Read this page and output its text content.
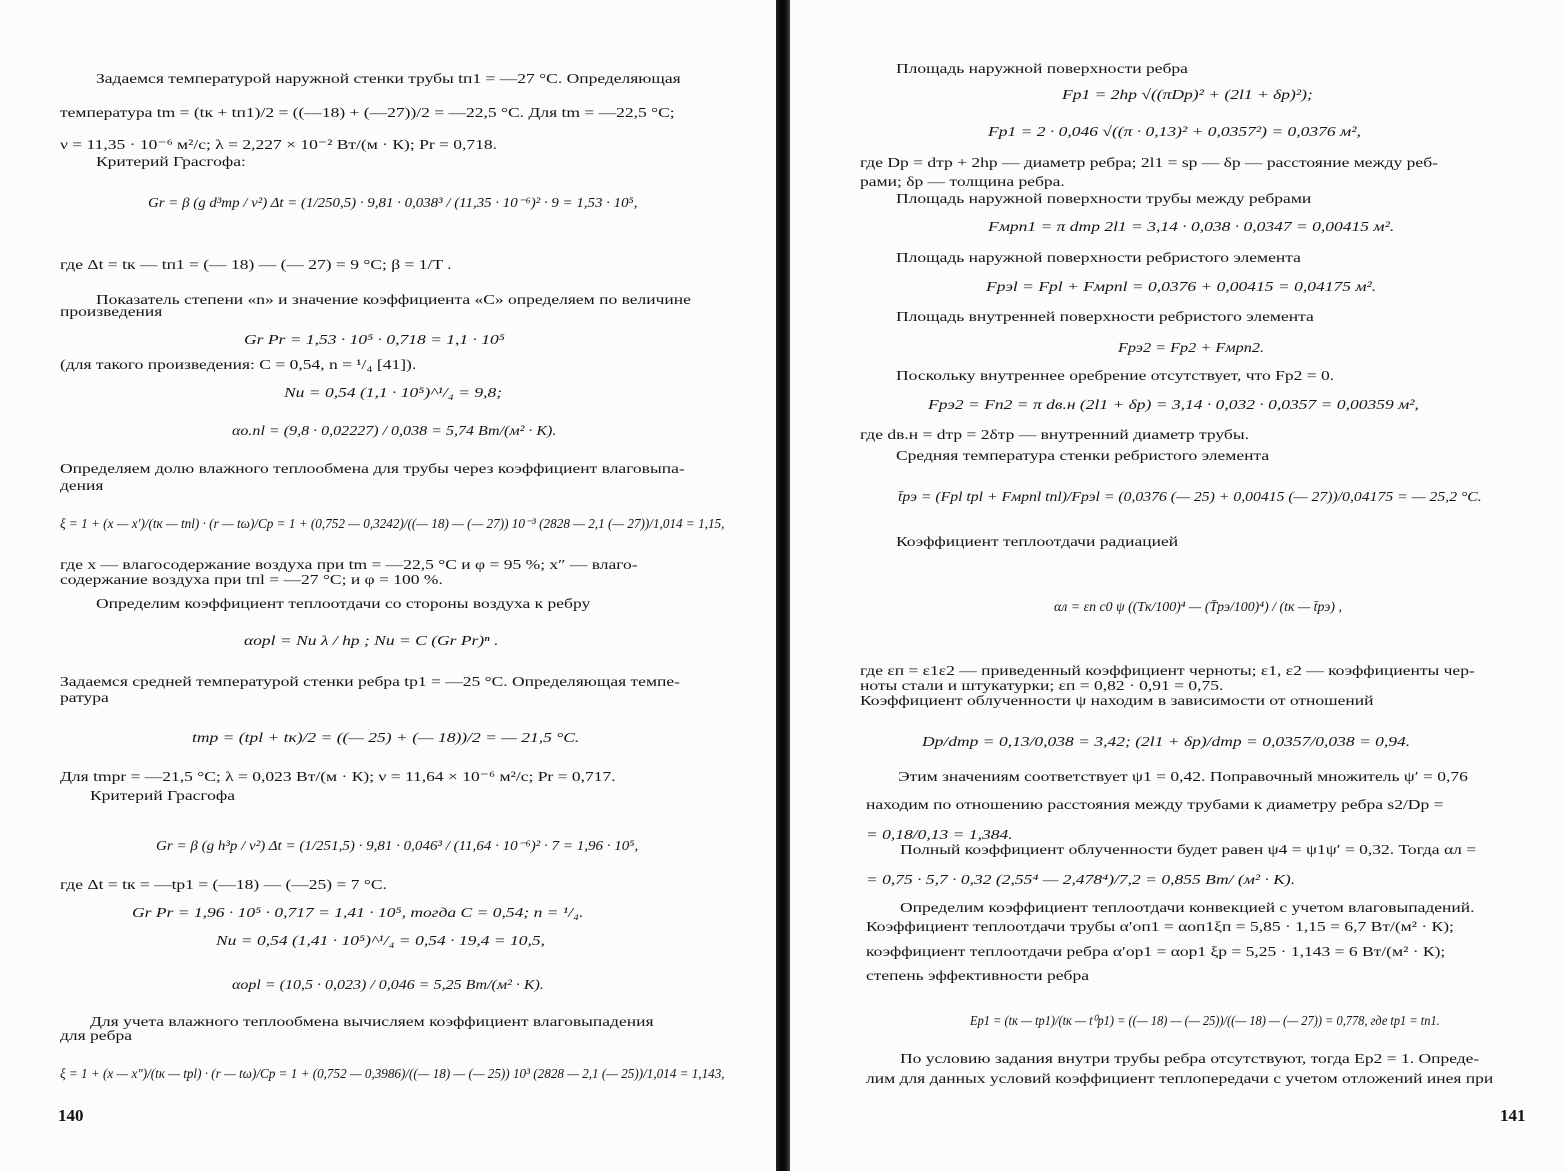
Задаемся температурой наружной стенки трубы tп1 = —27 °С. Определяющая
температура tm = (tк + tп1)/2 = ((—18) + (—27))/2 = —22,5 °С. Для tm = —22,5 °С;
ν = 11,35 · 10⁻⁶ м²/с; λ = 2,227 × 10⁻² Вт/(м · К); Pr = 0,718.
Критерий Грасгофа:
Gr = β (g d³тр / ν²) Δt = (1/250,5) · 9,81 · 0,038³ / (11,35 · 10⁻⁶)² · 9 = 1,53 · 10⁵,
где Δt = tк — tп1 = (— 18) — (— 27) = 9 °С; β = 1/T .
Показатель степени «n» и значение коэффициента «С» определяем по величине
произведения
Gr Pr = 1,53 · 10⁵ · 0,718 = 1,1 · 10⁵
(для такого произведения: C = 0,54, n = ¹/₄ [41]).
Nu = 0,54 (1,1 · 10⁵)^¹/₄ = 9,8;
αo.пl = (9,8 · 0,02227) / 0,038 = 5,74 Вт/(м² · К).
Определяем долю влажного теплообмена для трубы через коэффициент влаговыпа-
дения
ξ = 1 + (x — x′)/(tк — tпl) · (r — tω)/Cp = 1 + (0,752 — 0,3242)/((— 18) — (— 27)) 10⁻³ (2828 — 2,1 (— 27))/1,014 = 1,15,
где x — влагосодержание воздуха при tm = —22,5 °С и φ = 95 %; x″ — влаго-
содержание воздуха при tпl = —27 °С; и φ = 100 %.
Определим коэффициент теплоотдачи со стороны воздуха к ребру
αopl = Nu λ / hp ; Nu = C (Gr Pr)ⁿ .
Задаемся средней температурой стенки ребра tp1 = —25 °С. Определяющая темпе-
ратура
tmp = (tpl + tк)/2 = ((— 25) + (— 18))/2 = — 21,5 °С.
Для tmpr = —21,5 °С; λ = 0,023 Вт/(м · К); ν = 11,64 × 10⁻⁶ м²/с; Pr = 0,717.
Критерий Грасгофа
Gr = β (g h³p / ν²) Δt = (1/251,5) · 9,81 · 0,046³ / (11,64 · 10⁻⁶)² · 7 = 1,96 · 10⁵,
где Δt = tк = —tp1 = (—18) — (—25) = 7 °С.
Gr Pr = 1,96 · 10⁵ · 0,717 = 1,41 · 10⁵, тогда C = 0,54; n = ¹/₄.
Nu = 0,54 (1,41 · 10⁵)^¹/₄ = 0,54 · 19,4 = 10,5,
αopl = (10,5 · 0,023) / 0,046 = 5,25 Вт/(м² · К).
Для учета влажного теплообмена вычисляем коэффициент влаговыпадения
для ребра
ξ = 1 + (x — x″)/(tк — tpl) · (r — tω)/Cp = 1 + (0,752 — 0,3986)/((— 18) — (— 25)) 10³ (2828 — 2,1 (— 25))/1,014 = 1,143,
140
Площадь наружной поверхности ребра
Fp1 = 2hp √((πDp)² + (2l1 + δp)²);
Fp1 = 2 · 0,046 √((π · 0,13)² + 0,0357²) = 0,0376 м²,
где Dp = dтр + 2hp — диаметр ребра; 2l1 = sp — δp — расстояние между реб-
рами; δp — толщина ребра.
Площадь наружной поверхности трубы между ребрами
Fмрп1 = π dтр 2l1 = 3,14 · 0,038 · 0,0347 = 0,00415 м².
Площадь наружной поверхности ребристого элемента
Fрэl = Fpl + Fмрпl = 0,0376 + 0,00415 = 0,04175 м².
Площадь внутренней поверхности ребристого элемента
Fрэ2 = Fp2 + Fмрп2.
Поскольку внутреннее оребрение отсутствует, что Fp2 = 0.
Fрэ2 = Fп2 = π dв.н (2l1 + δp) = 3,14 · 0,032 · 0,0357 = 0,00359 м²,
где dв.н = dтр = 2δтр — внутренний диаметр трубы.
Средняя температура стенки ребристого элемента
t̄рэ = (Fpl tpl + Fмрпl tпl)/Fрэl = (0,0376 (— 25) + 0,00415 (— 27))/0,04175 = — 25,2 °С.
Коэффициент теплоотдачи радиацией
αл = εп c0 ψ ((Tк/100)⁴ — (T̄рэ/100)⁴) / (tк — t̄рэ) ,
где εп = ε1ε2 — приведенный коэффициент черноты; ε1, ε2 — коэффициенты чер-
ноты стали и штукатурки; εп = 0,82 · 0,91 = 0,75.
Коэффициент облученности ψ находим в зависимости от отношений
Dp/dтр = 0,13/0,038 = 3,42; (2l1 + δp)/dтр = 0,0357/0,038 = 0,94.
Этим значениям соответствует ψ1 = 0,42. Поправочный множитель ψ′ = 0,76
находим по отношению расстояния между трубами к диаметру ребра s2/Dp =
= 0,18/0,13 = 1,384.
Полный коэффициент облученности будет равен ψ4 = ψ1ψ′ = 0,32. Тогда αл =
= 0,75 · 5,7 · 0,32 (2,55⁴ — 2,478⁴)/7,2 = 0,855 Вт/ (м² · К).
Определим коэффициент теплоотдачи конвекцией с учетом влаговыпадений.
Коэффициент теплоотдачи трубы α′оп1 = αоп1ξп = 5,85 · 1,15 = 6,7 Вт/(м² · К);
коэффициент теплоотдачи ребра α′ор1 = αор1 ξр = 5,25 · 1,143 = 6 Вт/(м² · К);
степень эффективности ребра
Ep1 = (tк — tp1)/(tк — t⁰p1) = ((— 18) — (— 25))/((— 18) — (— 27)) = 0,778, где tp1 = tп1.
По условию задания внутри трубы ребра отсутствуют, тогда Ep2 = 1. Опреде-
лим для данных условий коэффициент теплопередачи с учетом отложений инея при
141
